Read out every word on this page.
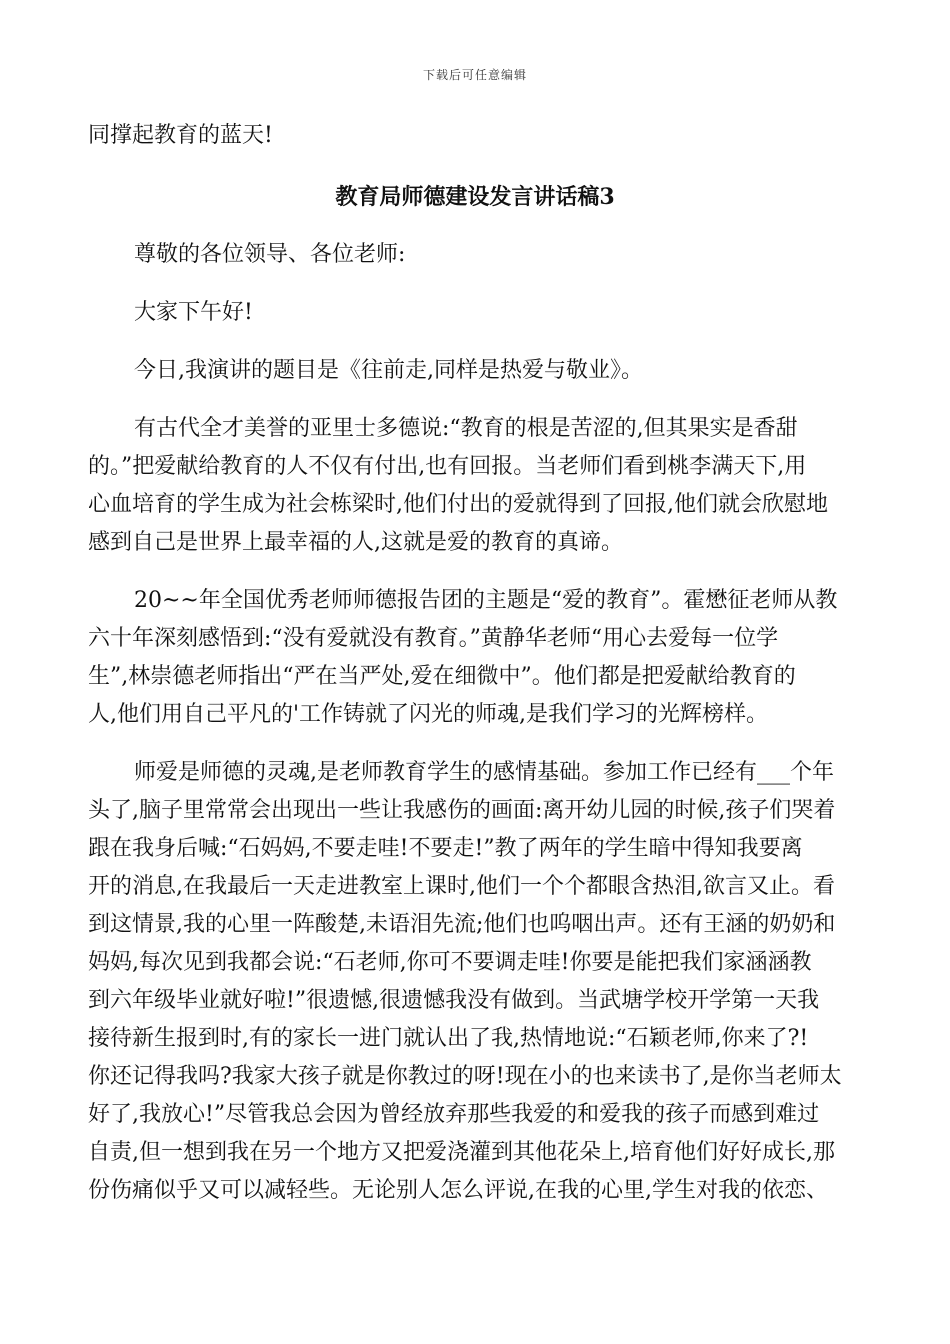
下载后可任意编辑
同撑起教育的蓝天!
教育局师德建设发言讲话稿3
尊敬的各位领导、各位老师:
大家下午好!
今日,我演讲的题目是《往前走,同样是热爱与敬业》。
有古代全才美誉的亚里士多德说:“教育的根是苦涩的,但其果实是香甜
的。”把爱献给教育的人不仅有付出,也有回报。当老师们看到桃李满天下,用
心血培育的学生成为社会栋梁时,他们付出的爱就得到了回报,他们就会欣慰地
感到自己是世界上最幸福的人,这就是爱的教育的真谛。
20~~年全国优秀老师师德报告团的主题是“爱的教育”。霍懋征老师从教
六十年深刻感悟到:“没有爱就没有教育。”黄静华老师“用心去爱每一位学
生”,林崇德老师指出“严在当严处,爱在细微中”。他们都是把爱献给教育的
人,他们用自己平凡的'工作铸就了闪光的师魂,是我们学习的光辉榜样。
师爱是师德的灵魂,是老师教育学生的感情基础。参加工作已经有___个年
头了,脑子里常常会出现出一些让我感伤的画面:离开幼儿园的时候,孩子们哭着
跟在我身后喊:“石妈妈,不要走哇!不要走!”教了两年的学生暗中得知我要离
开的消息,在我最后一天走进教室上课时,他们一个个都眼含热泪,欲言又止。看
到这情景,我的心里一阵酸楚,未语泪先流;他们也呜咽出声。还有王涵的奶奶和
妈妈,每次见到我都会说:“石老师,你可不要调走哇!你要是能把我们家涵涵教
到六年级毕业就好啦!”很遗憾,很遗憾我没有做到。当武塘学校开学第一天我
接待新生报到时,有的家长一进门就认出了我,热情地说:“石颖老师,你来了?!
你还记得我吗?我家大孩子就是你教过的呀!现在小的也来读书了,是你当老师太
好了,我放心!”尽管我总会因为曾经放弃那些我爱的和爱我的孩子而感到难过
自责,但一想到我在另一个地方又把爱浇灌到其他花朵上,培育他们好好成长,那
份伤痛似乎又可以减轻些。无论别人怎么评说,在我的心里,学生对我的依恋、
